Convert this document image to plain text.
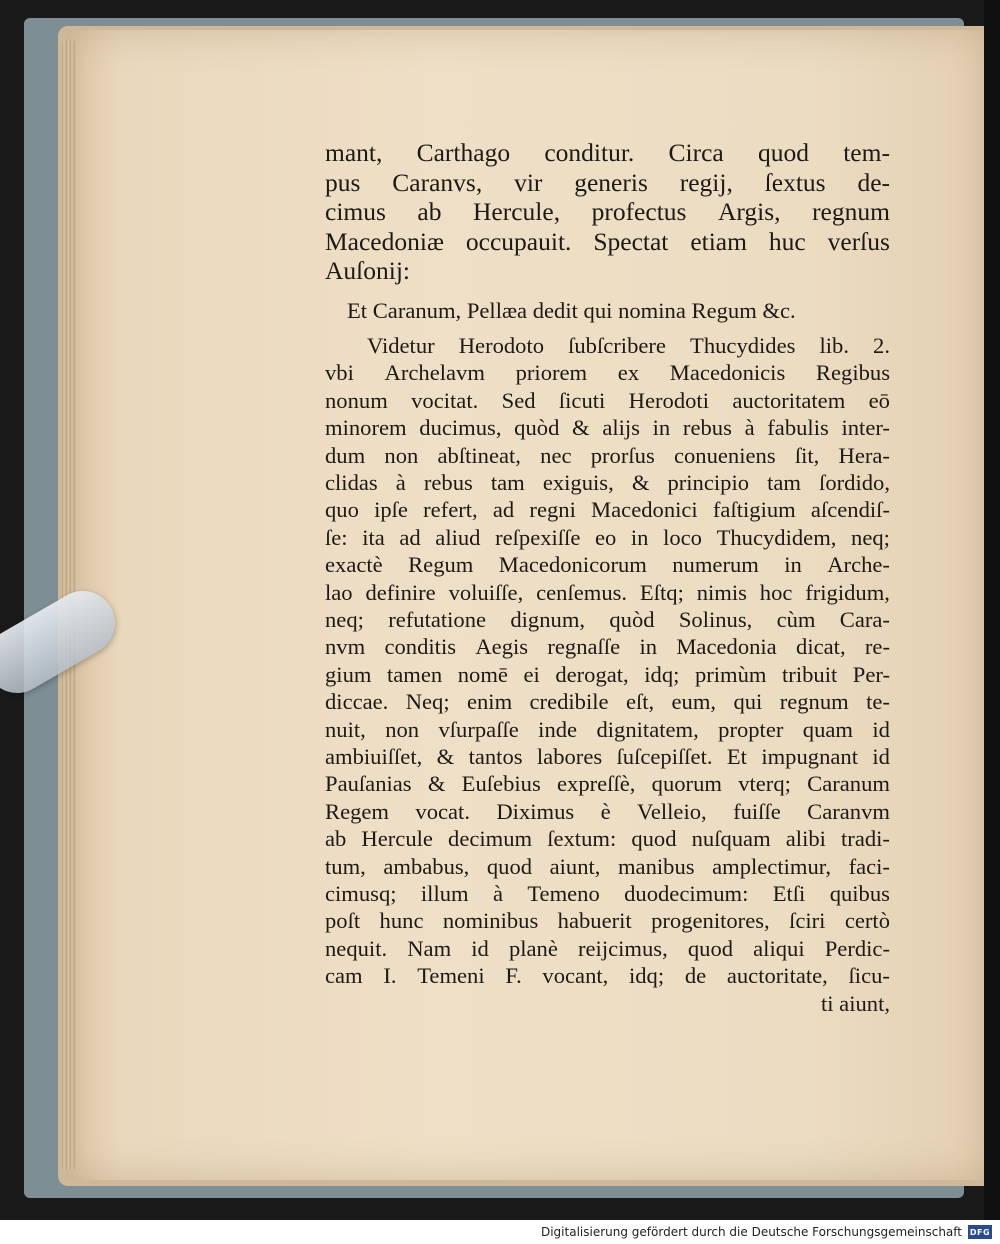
mant, Carthago conditur. Circa quod tem-
pus Caranvs, vir generis regij, ſextus de-
cimus ab Hercule, profectus Argis, regnum
Macedoniæ occupauit. Spectat etiam huc verſus
Auſonij:
Et Caranum, Pellæa dedit qui nomina Regum &c.
Videtur Herodoto ſubſcribere Thucydides lib. 2.
vbi Archelavm priorem ex Macedonicis Regibus
nonum vocitat. Sed ſicuti Herodoti auctoritatem eō
minorem ducimus, quòd & alijs in rebus à fabulis inter-
dum non abſtineat, nec prorſus conueniens ſit, Hera-
clidas à rebus tam exiguis, & principio tam ſordido,
quo ipſe refert, ad regni Macedonici faſtigium aſcendiſ-
ſe: ita ad aliud reſpexiſſe eo in loco Thucydidem, neq;
exactè Regum Macedonicorum numerum in Arche-
lao definire voluiſſe, cenſemus. Eſtq; nimis hoc frigidum,
neq; refutatione dignum, quòd Solinus, cùm Cara-
nvm conditis Aegis regnaſſe in Macedonia dicat, re-
gium tamen nomē ei derogat, idq; primùm tribuit Per-
diccae. Neq; enim credibile eſt, eum, qui regnum te-
nuit, non vſurpaſſe inde dignitatem, propter quam id
ambiuiſſet, & tantos labores ſuſcepiſſet. Et impugnant id
Pauſanias & Euſebius expreſſè, quorum vterq; Caranum
Regem vocat. Diximus è Velleio, fuiſſe Caranvm
ab Hercule decimum ſextum: quod nuſquam alibi tradi-
tum, ambabus, quod aiunt, manibus amplectimur, faci-
cimusq; illum à Temeno duodecimum: Etſi quibus
poſt hunc nominibus habuerit progenitores, ſciri certò
nequit. Nam id planè reijcimus, quod aliqui Perdic-
cam I. Temeni F. vocant, idq; de auctoritate, ſicu-
ti aiunt,
Digitalisierung gefördert durch die Deutsche Forschungsgemeinschaft DFG
